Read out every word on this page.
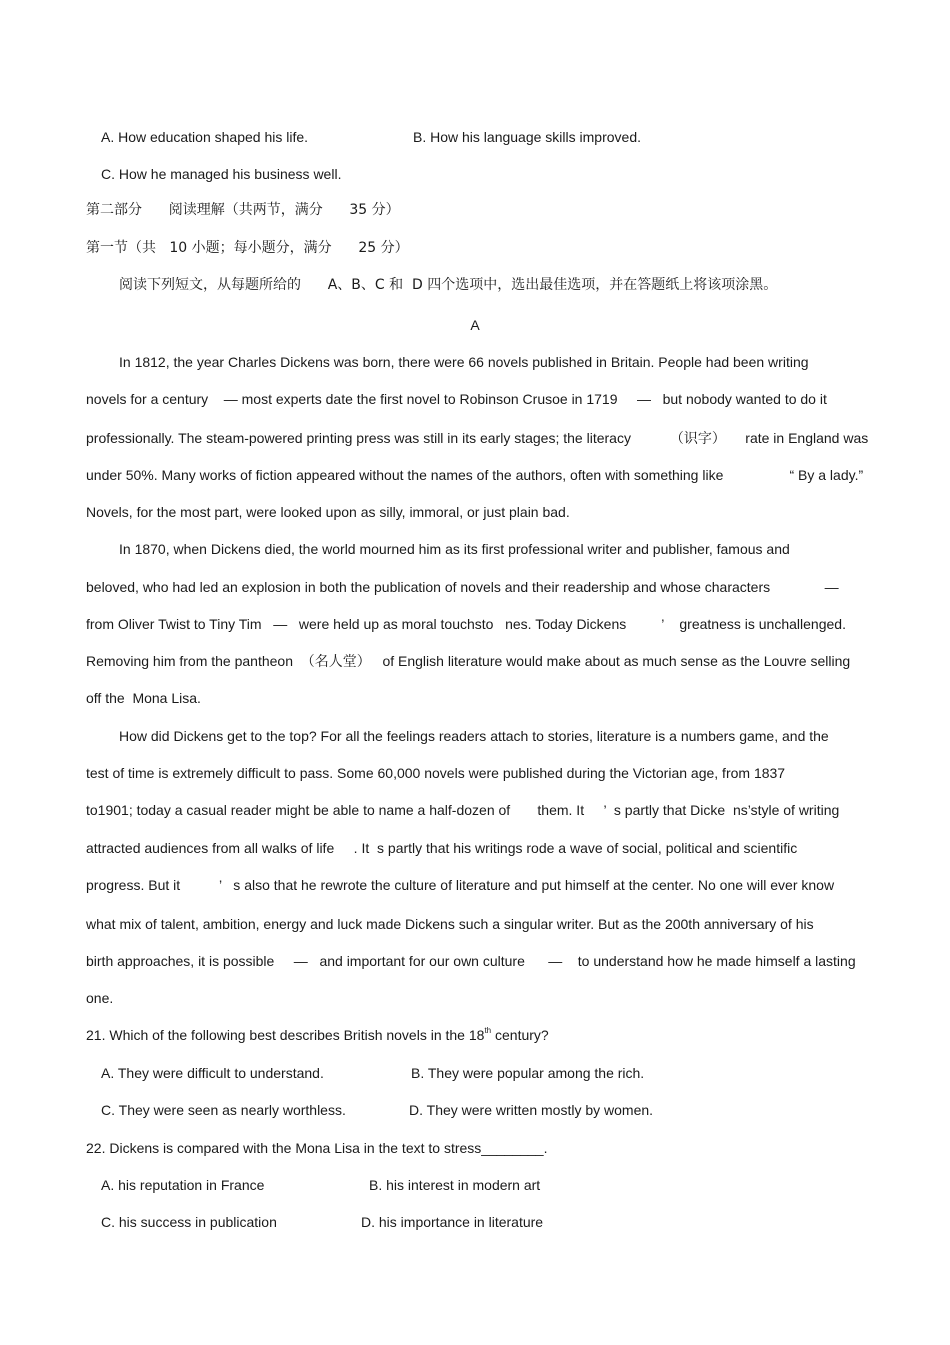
A. How education shaped his life.	B. How his language skills improved.
C. How he managed his business well.
第二部分      阅读理解（共两节，满分      35 分）
第一节（共   10 小题；每小题分，满分      25 分）
阅读下列短文，从每题所给的      A、B、C 和  D 四个选项中，选出最佳选项，并在答题纸上将该项涂黑。
A
In 1812, the year Charles Dickens was born, there were 66 novels published in Britain. People had been writing
novels for a century    — most experts date the first novel to Robinson Crusoe in 1719     —   but nobody wanted to do it
professionally. The steam-powered printing press was still in its early stages; the literacy          （识字）     rate in England was
under 50%. Many works of fiction appeared without the names of the authors, often with something like                 “ By a lady.”
Novels, for the most part, were looked upon as silly, immoral, or just plain bad.
In 1870, when Dickens died, the world mourned him as its first professional writer and publisher, famous and
beloved, who had led an explosion in both the publication of novels and their readership and whose characters              —
from Oliver Twist to Tiny Tim   —   were held up as moral touchsto   nes. Today Dickens         ’    greatness is unchallenged.
Removing him from the pantheon  （名人堂）   of English literature would make about as much sense as the Louvre selling
off the  Mona Lisa.
How did Dickens get to the top? For all the feelings readers attach to stories, literature is a numbers game, and the
test of time is extremely difficult to pass. Some 60,000 novels were published during the Victorian age, from 1837
to1901; today a casual reader might be able to name a half-dozen of       them. It     ’  s partly that Dicke  ns’style of writing
attracted audiences from all walks of life     . It  s partly that his writings rode a wave of social, political and scientific
progress. But it          ’   s also that he rewrote the culture of literature and put himself at the center. No one will ever know
what mix of talent, ambition, energy and luck made Dickens such a singular writer. But as the 200th anniversary of his
birth approaches, it is possible     —   and important for our own culture      —    to understand how he made himself a lasting
one.
21. Which of the following best describes British novels in the 18th century?
A. They were difficult to understand.	B. They were popular among the rich.
C. They were seen as nearly worthless.	D. They were written mostly by women.
22. Dickens is compared with the Mona Lisa in the text to stress________.
A. his reputation in France	B. his interest in modern art
C. his success in publication	D. his importance in literature
